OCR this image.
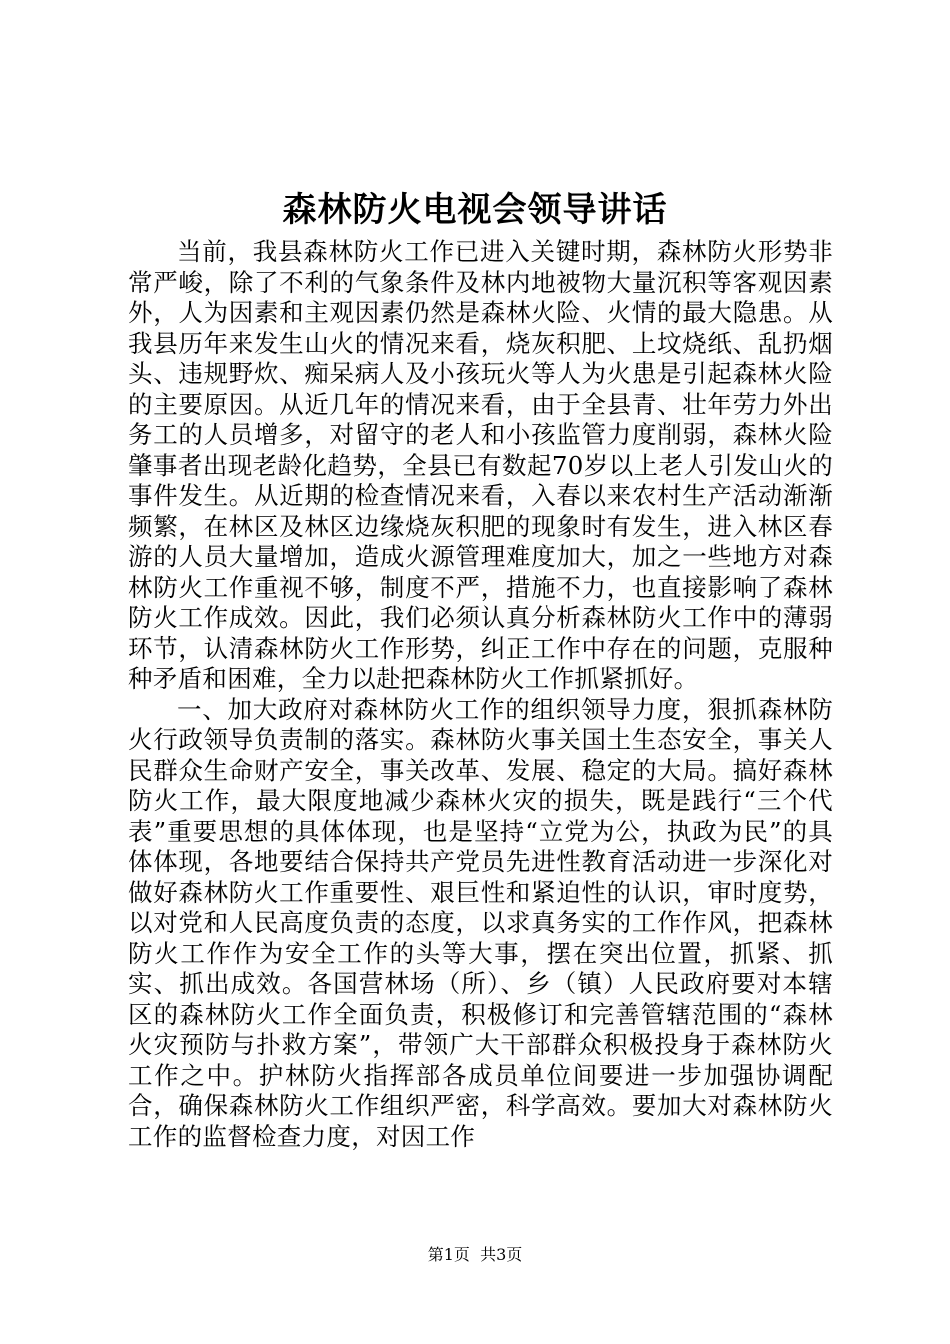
森林防火电视会领导讲话

当前，我县森林防火工作已进入关键时期，森林防火形势非常严峻，除了不利的气象条件及林内地被物大量沉积等客观因素外，人为因素和主观因素仍然是森林火险、火情的最大隐患。从我县历年来发生山火的情况来看，烧灰积肥、上坟烧纸、乱扔烟头、违规野炊、痴呆病人及小孩玩火等人为火患是引起森林火险的主要原因。从近几年的情况来看，由于全县青、壮年劳力外出务工的人员增多，对留守的老人和小孩监管力度削弱，森林火险肇事者出现老龄化趋势，全县已有数起70岁以上老人引发山火的事件发生。从近期的检查情况来看，入春以来农村生产活动渐渐频繁，在林区及林区边缘烧灰积肥的现象时有发生，进入林区春游的人员大量增加，造成火源管理难度加大，加之一些地方对森林防火工作重视不够，制度不严，措施不力，也直接影响了森林防火工作成效。因此，我们必须认真分析森林防火工作中的薄弱环节，认清森林防火工作形势，纠正工作中存在的问题，克服种种矛盾和困难，全力以赴把森林防火工作抓紧抓好。

一、加大政府对森林防火工作的组织领导力度，狠抓森林防火行政领导负责制的落实。森林防火事关国土生态安全，事关人民群众生命财产安全，事关改革、发展、稳定的大局。搞好森林防火工作，最大限度地减少森林火灾的损失，既是践行“三个代表”重要思想的具体体现，也是坚持“立党为公，执政为民”的具体体现，各地要结合保持共产党员先进性教育活动进一步深化对做好森林防火工作重要性、艰巨性和紧迫性的认识，审时度势，以对党和人民高度负责的态度，以求真务实的工作作风，把森林防火工作作为安全工作的头等大事，摆在突出位置，抓紧、抓实、抓出成效。各国营林场（所）、乡（镇）人民政府要对本辖区的森林防火工作全面负责，积极修订和完善管辖范围的“森林火灾预防与扑救方案”，带领广大干部群众积极投身于森林防火工作之中。护林防火指挥部各成员单位间要进一步加强协调配合，确保森林防火工作组织严密，科学高效。要加大对森林防火工作的监督检查力度，对因工作

第1页  共3页
